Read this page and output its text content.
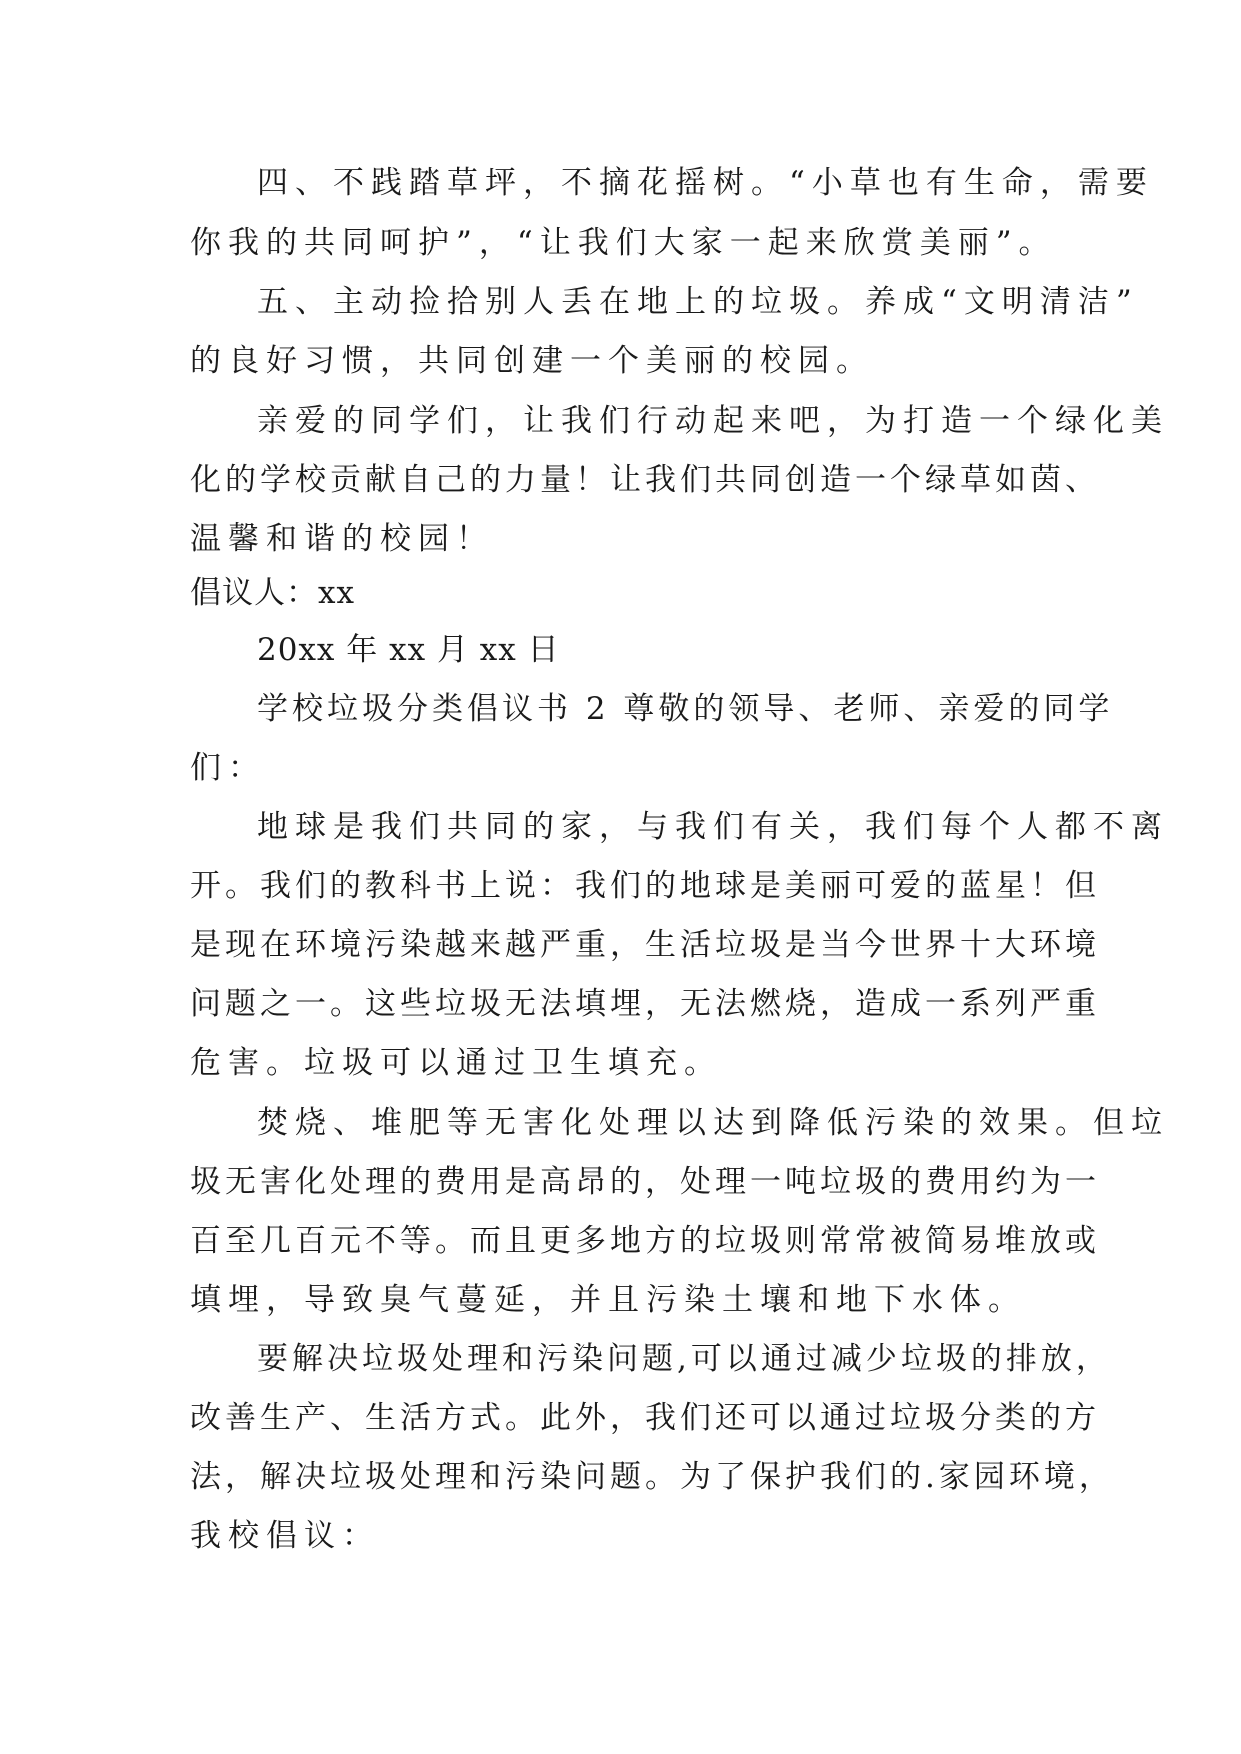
四、不践踏草坪，不摘花摇树。“小草也有生命，需要
你我的共同呵护”，“让我们大家一起来欣赏美丽”。
五、主动捡拾别人丢在地上的垃圾。养成“文明清洁”
的良好习惯，共同创建一个美丽的校园。
亲爱的同学们，让我们行动起来吧，为打造一个绿化美
化的学校贡献自己的力量！让我们共同创造一个绿草如茵、
温馨和谐的校园！
倡议人：xx
20xx 年 xx 月 xx 日
学校垃圾分类倡议书 2 尊敬的领导、老师、亲爱的同学
们：
地球是我们共同的家，与我们有关，我们每个人都不离
开。我们的教科书上说：我们的地球是美丽可爱的蓝星！但
是现在环境污染越来越严重，生活垃圾是当今世界十大环境
问题之一。这些垃圾无法填埋，无法燃烧，造成一系列严重
危害。垃圾可以通过卫生填充。
焚烧、堆肥等无害化处理以达到降低污染的效果。但垃
圾无害化处理的费用是高昂的，处理一吨垃圾的费用约为一
百至几百元不等。而且更多地方的垃圾则常常被简易堆放或
填埋，导致臭气蔓延，并且污染土壤和地下水体。
要解决垃圾处理和污染问题,可以通过减少垃圾的排放，
改善生产、生活方式。此外，我们还可以通过垃圾分类的方
法，解决垃圾处理和污染问题。为了保护我们的.家园环境，
我校倡议：
